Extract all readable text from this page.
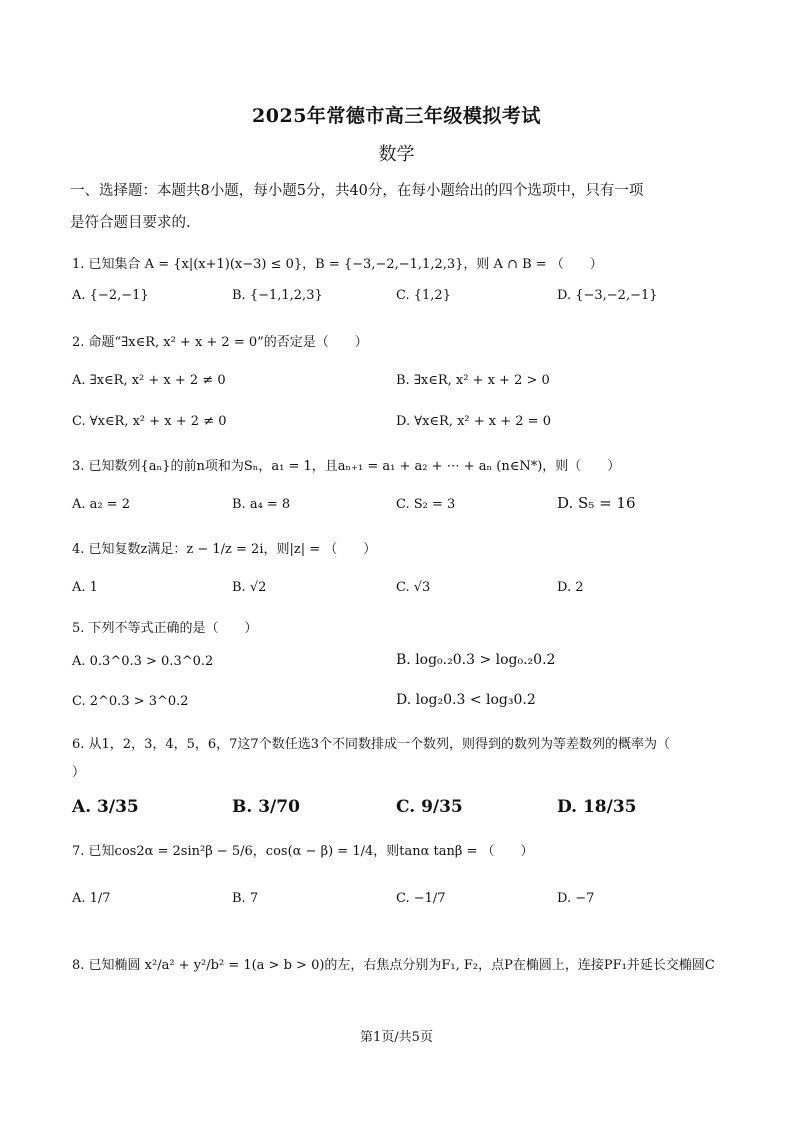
2025年常德市高三年级模拟考试
数学
一、选择题：本题共8小题，每小题5分，共40分，在每小题给出的四个选项中，只有一项
是符合题目要求的.
1. 已知集合 A = {x|(x+1)(x−3) ≤ 0}，B = {−3,−2,−1,1,2,3}，则 A ∩ B = （　　）
A. {−2,−1}	B. {−1,1,2,3}	C. {1,2}	D. {−3,−2,−1}
2. 命题“∃x∈R, x² + x + 2 = 0”的否定是（　　）
A. ∃x∈R, x² + x + 2 ≠ 0	B. ∃x∈R, x² + x + 2 > 0
C. ∀x∈R, x² + x + 2 ≠ 0	D. ∀x∈R, x² + x + 2 = 0
3. 已知数列{aₙ}的前n项和为Sₙ，a₁ = 1，且aₙ₊₁ = a₁ + a₂ + ⋯ + aₙ (n∈N*)，则（　　）
A. a₂ = 2	B. a₄ = 8	C. S₂ = 3	D. S₅ = 16
4. 已知复数z满足：z − 1/z = 2i，则|z| = （　　）
A. 1	B. √2	C. √3	D. 2
5. 下列不等式正确的是（　　）
A. 0.3^0.3 > 0.3^0.2	B. log₀.₂0.3 > log₀.₂0.2
C. 2^0.3 > 3^0.2	D. log₂0.3 < log₃0.2
6. 从1，2，3，4，5，6，7这7个数任选3个不同数排成一个数列，则得到的数列为等差数列的概率为（
）
A. 3/35	B. 3/70	C. 9/35	D. 18/35
7. 已知cos2α = 2sin²β − 5/6，cos(α − β) = 1/4，则tanα tanβ = （　　）
A. 1/7	B. 7	C. −1/7	D. −7
8. 已知椭圆 x²/a² + y²/b² = 1(a > b > 0)的左，右焦点分别为F₁, F₂，点P在椭圆上，连接PF₁并延长交椭圆C
第1页/共5页
